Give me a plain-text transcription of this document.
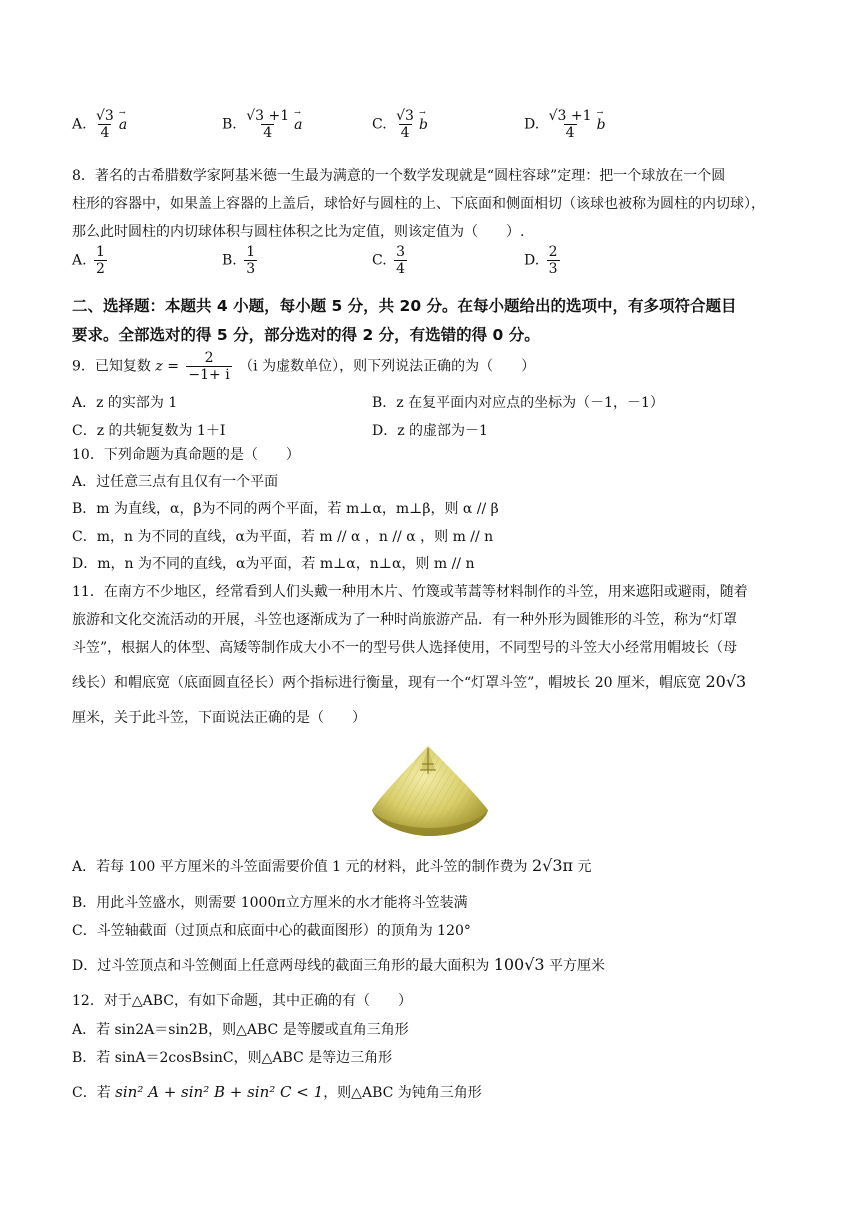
A. $\frac{√3}{4}$
→ a	B. $\frac{√3 +1}{4}$
→ a	C. $\frac{√3}{4}$
→ b	D. $\frac{√3 +1}{4}$
→ b
8．著名的古希腊数学家阿基米德一生最为满意的一个数学发现就是“圆柱容球”定理：把一个球放在一个圆
柱形的容器中，如果盖上容器的上盖后，球恰好与圆柱的上、下底面和侧面相切（该球也被称为圆柱的内切球），
那么此时圆柱的内切球体积与圆柱体积之比为定值，则该定值为（　　）.
A. $\frac{1}{2}$	B. $\frac{1}{3}$	C. $\frac{3}{4}$	D. $\frac{2}{3}$
二、选择题：本题共 4 小题，每小题 5 分，共 20 分。在每小题给出的选项中，有多项符合题目
要求。全部选对的得 5 分，部分选对的得 2 分，有选错的得 0 分。
9．已知复数 $z = \frac{2}{-1+ i} (i$ 为虚数单位），则下列说法正确的为（　　）
A．z 的实部为 1	B．z 在复平面内对应点的坐标为（－1，－1）
C．z 的共轭复数为 1＋I	D．z 的虚部为－1
10．下列命题为真命题的是（　　）
A．过任意三点有且仅有一个平面
B．m 为直线，α，β为不同的两个平面，若 m⊥α，m⊥β，则 α // β
C．m，n 为不同的直线，α为平面，若 m // α ，n // α ，则 m // n
D．m，n 为不同的直线，α为平面，若 m⊥α，n⊥α，则 m // n
11．在南方不少地区，经常看到人们头戴一种用木片、竹篾或苇蒿等材料制作的斗笠，用来遮阳或避雨，随着
旅游和文化交流活动的开展，斗笠也逐渐成为了一种时尚旅游产品．有一种外形为圆锥形的斗笠，称为“灯罩
斗笠”，根据人的体型、高矮等制作成大小不一的型号供人选择使用，不同型号的斗笠大小经常用帽坡长（母
线长）和帽底宽（底面圆直径长）两个指标进行衡量，现有一个“灯罩斗笠”，帽坡长 20 厘米，帽底宽 20√3
厘米，关于此斗笠，下面说法正确的是（　　）
A．若每 100 平方厘米的斗笠面需要价值 1 元的材料，此斗笠的制作费为 2√3π 元
B．用此斗笠盛水，则需要 1000π立方厘米的水才能将斗笠装满
C．斗笠轴截面（过顶点和底面中心的截面图形）的顶角为 120°
D．过斗笠顶点和斗笠侧面上任意两母线的截面三角形的最大面积为 100√3 平方厘米
12．对于△ABC，有如下命题，其中正确的有（　　）
A．若 sin2A＝sin2B，则△ABC 是等腰或直角三角形
B．若 sinA＝2cosBsinC，则△ABC 是等边三角形
C．若 sin² A + sin² B + sin² C < 1，则△ABC 为钝角三角形
